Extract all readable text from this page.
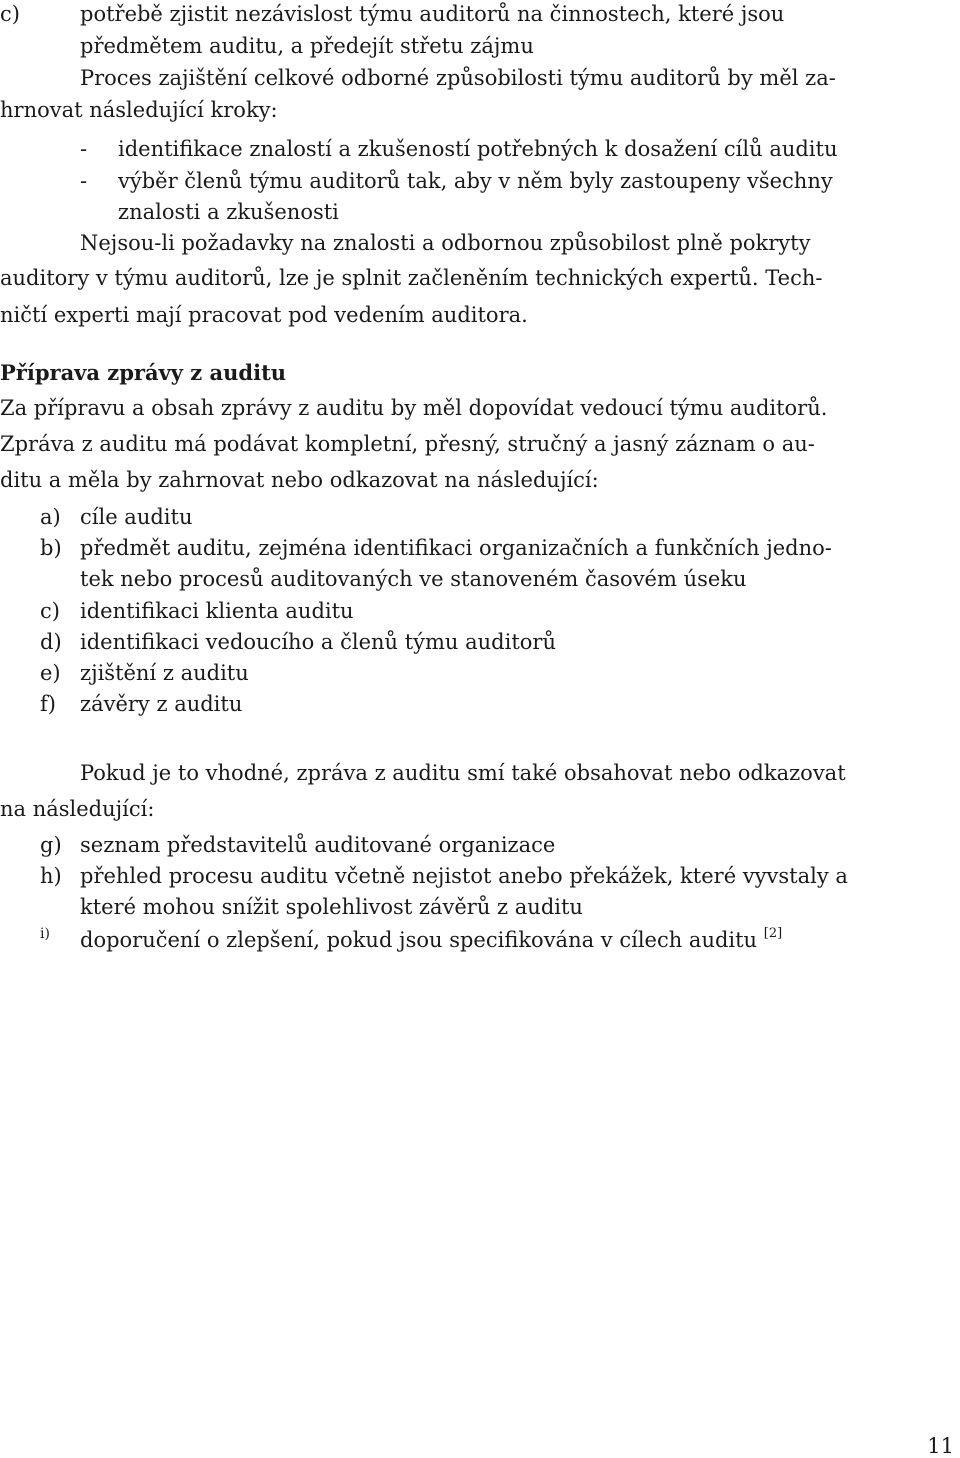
c)	potřebě zjistit nezávislost týmu auditorů na činnostech, které jsou
předmětem auditu, a předejít střetu zájmu
Proces zajištění celkové odborné způsobilosti týmu auditorů by měl za-
hrnovat následující kroky:
- identifikace znalostí a zkušeností potřebných k dosažení cílů auditu
- výběr členů týmu auditorů tak, aby v něm byly zastoupeny všechny
znalosti a zkušenosti
Nejsou-li požadavky na znalosti a odbornou způsobilost plně pokryty
auditory v týmu auditorů, lze je splnit začleněním technických expertů. Tech-
ničtí experti mají pracovat pod vedením auditora.
Příprava zprávy z auditu
Za přípravu a obsah zprávy z auditu by měl dopovídat vedoucí týmu auditorů.
Zpráva z auditu má podávat kompletní, přesný, stručný a jasný záznam o au-
ditu a měla by zahrnovat nebo odkazovat na následující:
a) cíle auditu
b) předmět auditu, zejména identifikaci organizačních a funkčních jedno-
tek nebo procesů auditovaných ve stanoveném časovém úseku
c) identifikaci klienta auditu
d) identifikaci vedoucího a členů týmu auditorů
e) zjištění z auditu
f) závěry z auditu
Pokud je to vhodné, zpráva z auditu smí také obsahovat nebo odkazovat
na následující:
g) seznam představitelů auditované organizace
h) přehled procesu auditu včetně nejistot anebo překážek, které vyvstaly a
které mohou snížit spolehlivost závěrů z auditu
i) doporučení o zlepšení, pokud jsou specifikována v cílech auditu [2]
11
